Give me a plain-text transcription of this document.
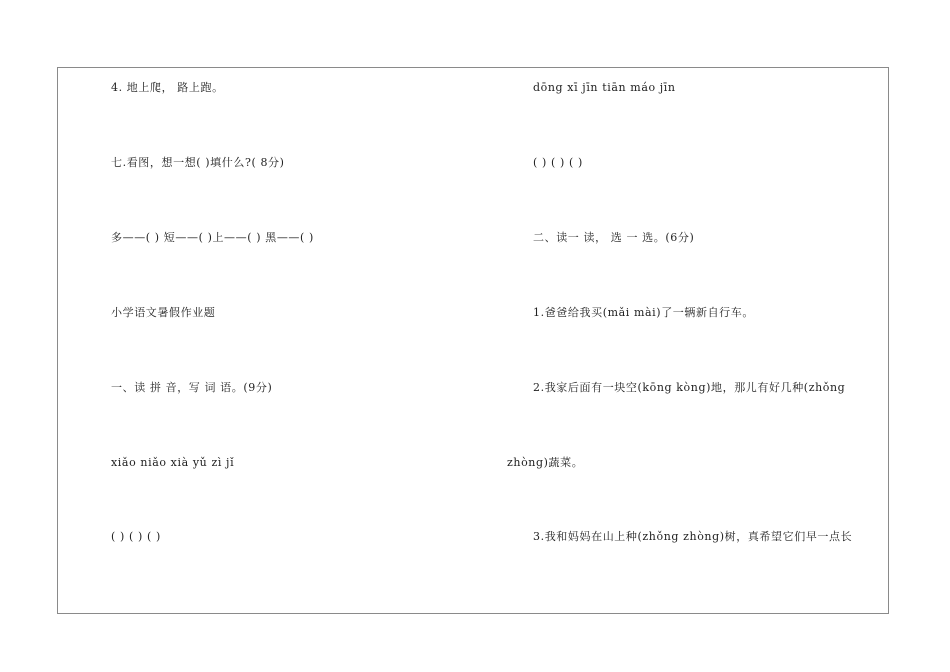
4. 地上爬， 路上跑。
七.看图，想一想( )填什么?( 8分)
多——( ) 短——( )上——( ) 黑——( )
小学语文暑假作业题
一、读 拼 音，写 词 语。(9分)
xiǎo niǎo xià yǔ zì jǐ
( ) ( ) ( )
dōng xī jīn tiān máo jīn
( ) ( ) ( )
二、读一 读， 选 一 选。(6分)
1.爸爸给我买(mǎi mài)了一辆新自行车。
2.我家后面有一块空(kōng kòng)地，那儿有好几种(zhǒng
zhòng)蔬菜。
3.我和妈妈在山上种(zhǒng zhòng)树，真希望它们早一点长
